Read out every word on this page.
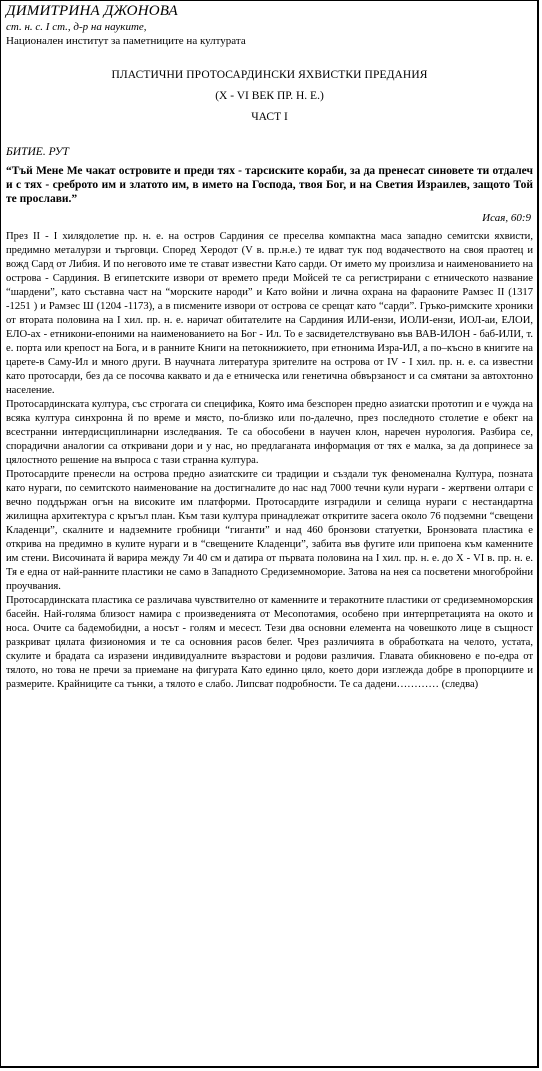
ДИМИТРИНА ДЖОНОВА
ст. н. с. I ст., д-р на науките,
Национален институт за паметниците на културата
ПЛАСТИЧНИ ПРОТОСАРДИНСКИ ЯХВИСТКИ ПРЕДАНИЯ
(X - VI ВЕК ПР. Н. Е.)
ЧАСТ I
БИТИЕ. РУТ
“Тъй Мене Ме чакат островите и преди тях - тарсиските кораби, за да пренесат синовете ти отдалеч и с тях - среброто им и златото им, в името на Господа, твоя Бог, и на Светия Израилев, защото Той те прослави.”
Исая, 60:9

През II - I хилядолетие пр. н. е. на остров Сардиния се преселва компактна маса западно семитски яхвисти, предимно металурзи и търговци. Според Херодот (V в. пр.н.е.) те идват тук под водачеството на своя праотец и вожд Сард от Либия. И по неговото име те стават известни Като сарди. От името му произлиза и наименованието на острова - Сардиния. В египетските извори от времето преди Мойсей те са регистрирани с етническото название “шардени”, като съставна част на “морските народи” и Като войни и лична охрана на фараоните Рамзес II (1317 -1251 ) и Рамзес Ш (1204 -1173), а в писмените извори от острова се срещат като “сарди”. Гръко-римските хроники от втората половина на I хил. пр. н. е. наричат обитателите на Сардиния ИЛИ-ензи, ИОЛИ-ензи, ИОЛ-аи, ЕЛОИ, ЕЛО-ах - етникони-епоними на наименованието на Бог - Ил. То е засвидетелствувано във ВАВ-ИЛОН - баб-ИЛИ, т. е. порта или крепост на Бога, и в ранните Книги на петокнижието, при етнонима Изра-ИЛ, а по–късно в книгите на царете-в Саму-Ил и много други. В научната литература зрителите на острова от IV - I хил. пр. н. е. са известни като протосарди, без да се посочва каквато и да е етническа или генетична обвързаност и са смятани за автохтонно население.

Протосардинската култура, със строгата си специфика, Която има безспорен предно азиатски прототип и е чужда на всяка култура синхронна й по време и място, по-близко или по-далечно, през последното столетие е обект на всестранни интердисциплинарни изследвания. Те са обособени в научен клон, наречен нурология. Разбира се, спорадични аналогии са откривани дори и у нас, но предлаганата информация от тях е малка, за да допринесе за цялостното решение на въпроса с тази странна култура.

Протосардите пренесли на острова предно азиатските си традиции и създали тук феноменална Култура, позната като нураги, по семитското наименование на достигналите до нас над 7000 течни кули нураги - жертвени олтари с вечно поддържан огън на високите им платформи. Протосардите изградили и селища нураги с нестандартна жилищна архитектура с кръгъл план. Към тази култура принадлежат откритите засега около 76 подземни “свещени Кладенци”, скалните и надземните гробници “гиганти” и над 460 бронзови статуетки, Бронзовата пластика е открива на предимно в кулите нураги и в “свещените Кладенци”, забита във фугите или припоена към каменните им стени. Височината й варира между 7и 40 см и датира от първата половина на I хил. пр. н. е. до Х - VI в. пр. н. е. Тя е една от най-ранните пластики не само в Западното Средиземноморие. Затова на нея са посветени многобройни проучвания.

Протосардинската пластика се различава чувствително от каменните и теракотните пластики от средиземноморския басейн. Най-голяма близост намира с произведенията от Месопотамия, особено при интерпретацията на окото и носа. Очите са бадемобидни, а носът - голям и месест. Тези два основни елемента на човешкото лице в същност разкриват цялата физиономия и те са основния расов белег. Чрез различията в обработката на челото, устата, скулите и брадата са изразени индивидуалните възрастови и родови различия. Главата обикновено е по-едра от тялото, но това не пречи за приемане на фигурата Като единно цяло, което дори изглежда добре в пропорциите и размерите. Крайниците са тънки, а тялото е слабо. Липсват подробности. Те са дадени………… (следва)
